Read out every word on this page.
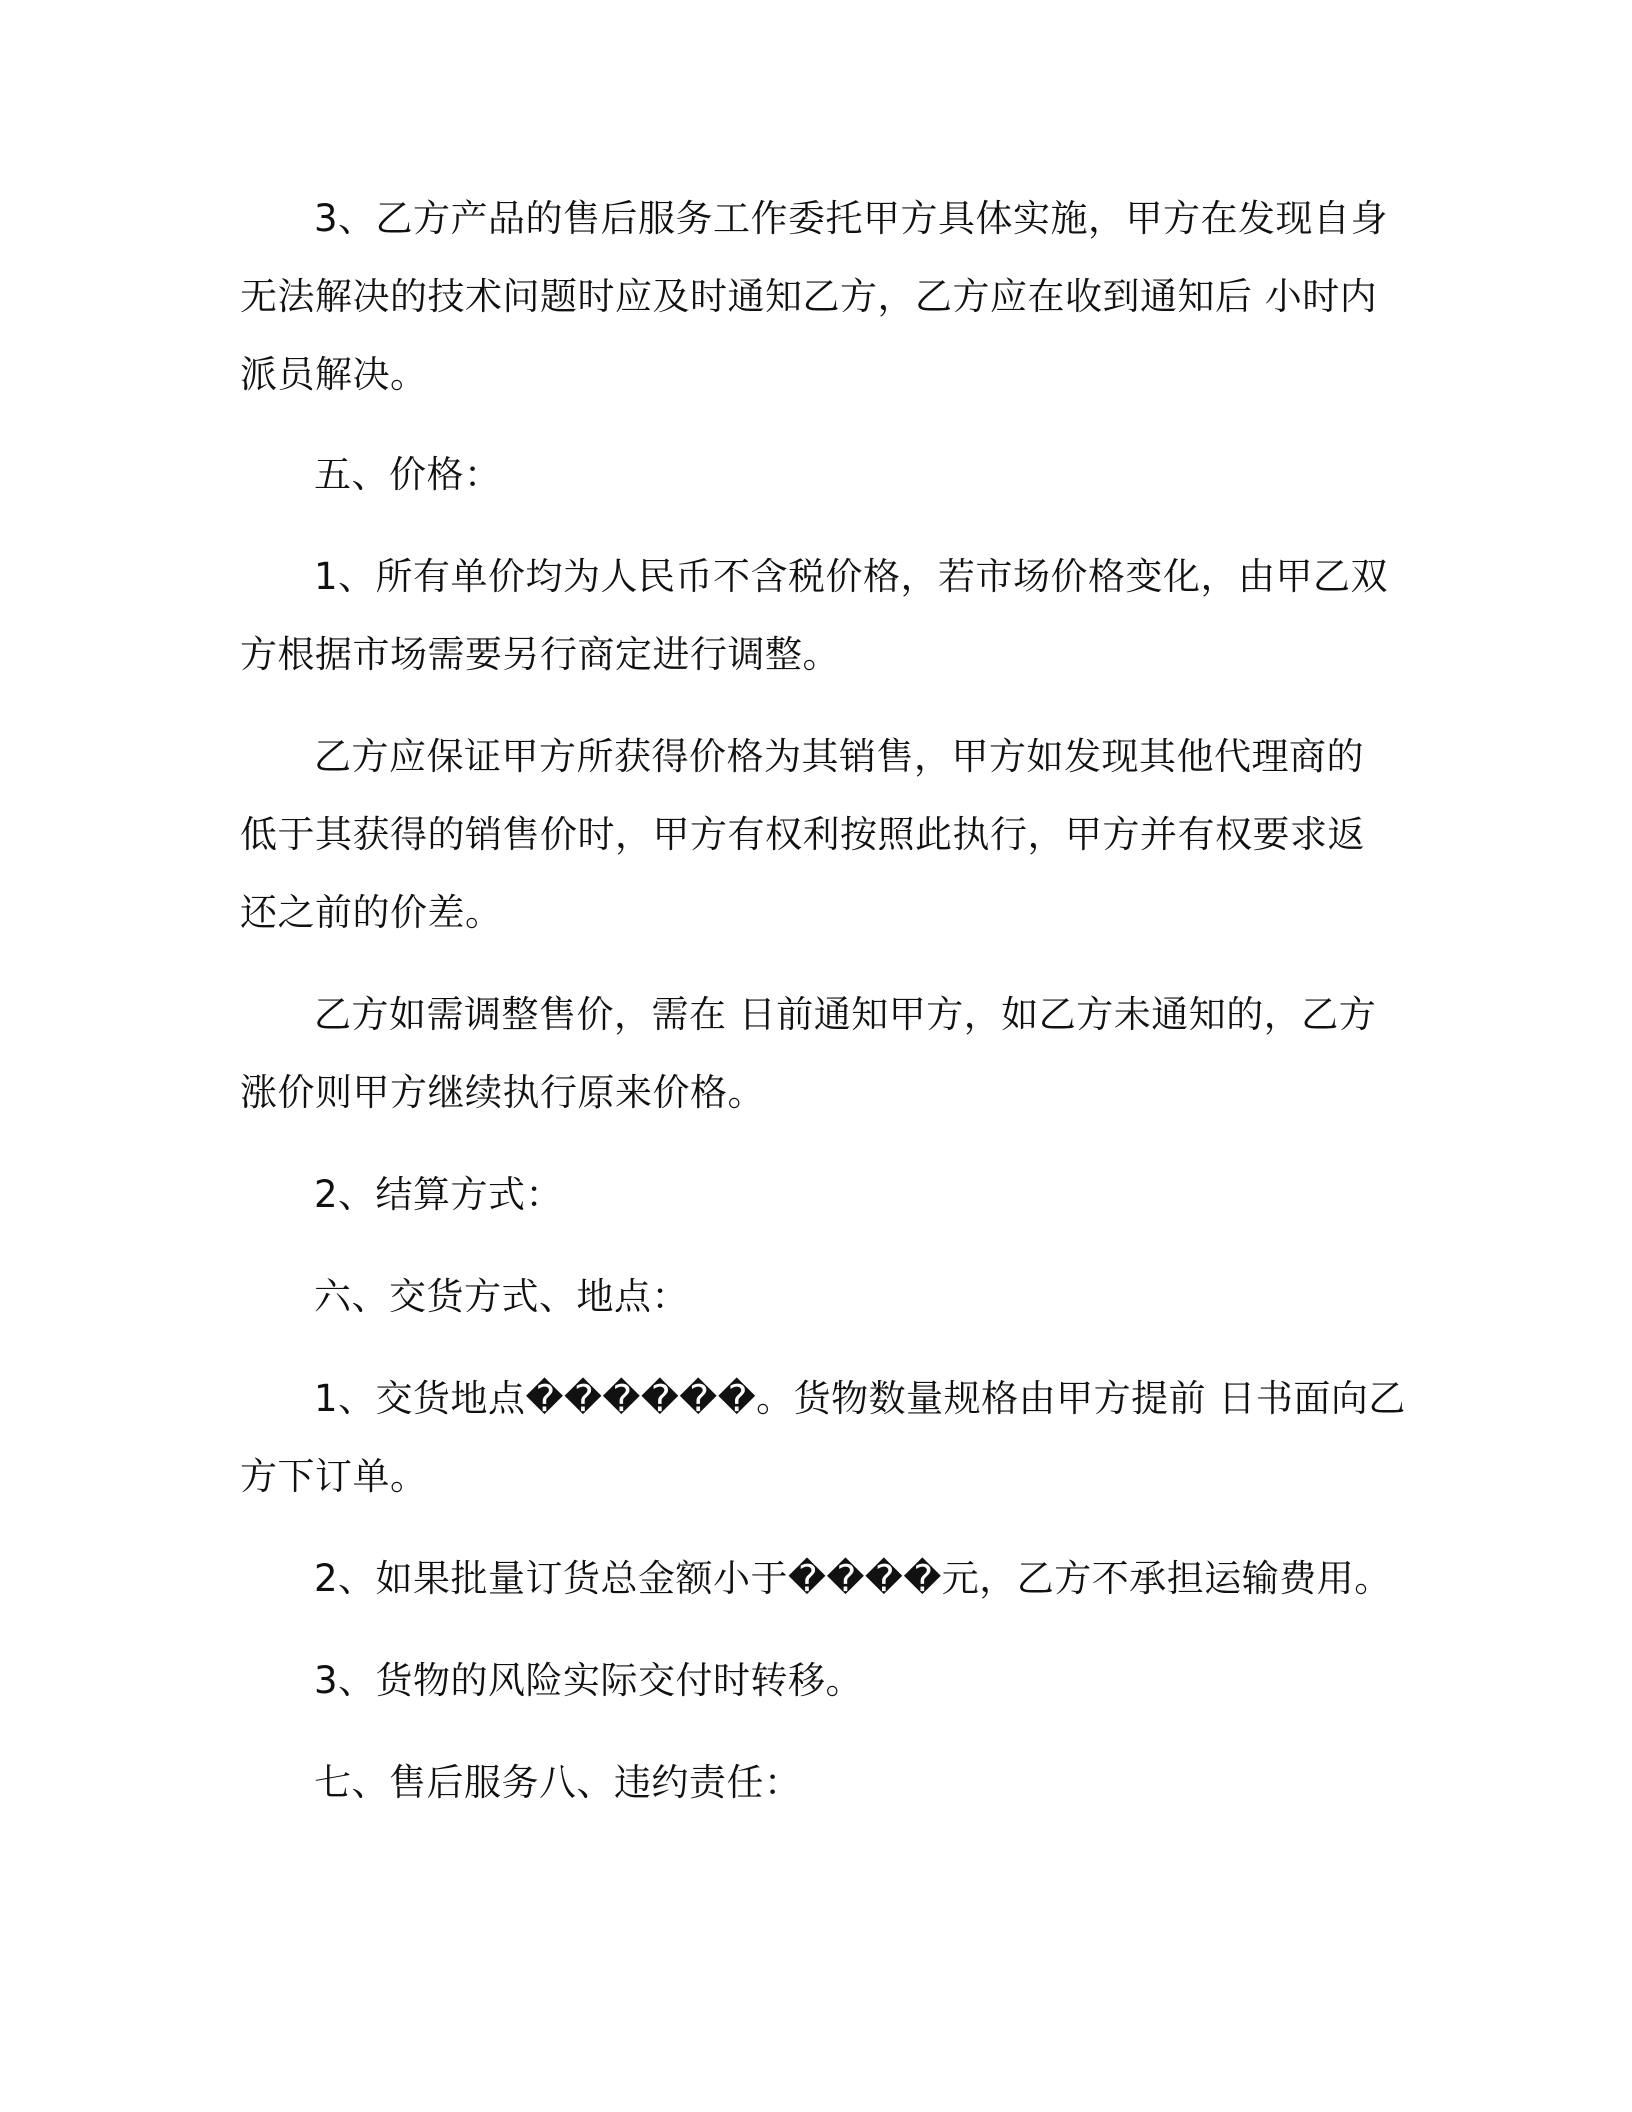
3、乙方产品的售后服务工作委托甲方具体实施，甲方在发现自身
无法解决的技术问题时应及时通知乙方，乙方应在收到通知后 小时内
派员解决。
五、价格：
1、所有单价均为人民币不含税价格，若市场价格变化，由甲乙双
方根据市场需要另行商定进行调整。
乙方应保证甲方所获得价格为其销售，甲方如发现其他代理商的
低于其获得的销售价时，甲方有权利按照此执行，甲方并有权要求返
还之前的价差。
乙方如需调整售价，需在 日前通知甲方，如乙方未通知的，乙方
涨价则甲方继续执行原来价格。
2、结算方式：
六、交货方式、地点：
1、交货地点������。货物数量规格由甲方提前 日书面向乙
方下订单。
2、如果批量订货总金额小于����元，乙方不承担运输费用。
3、货物的风险实际交付时转移。
七、售后服务八、违约责任：
